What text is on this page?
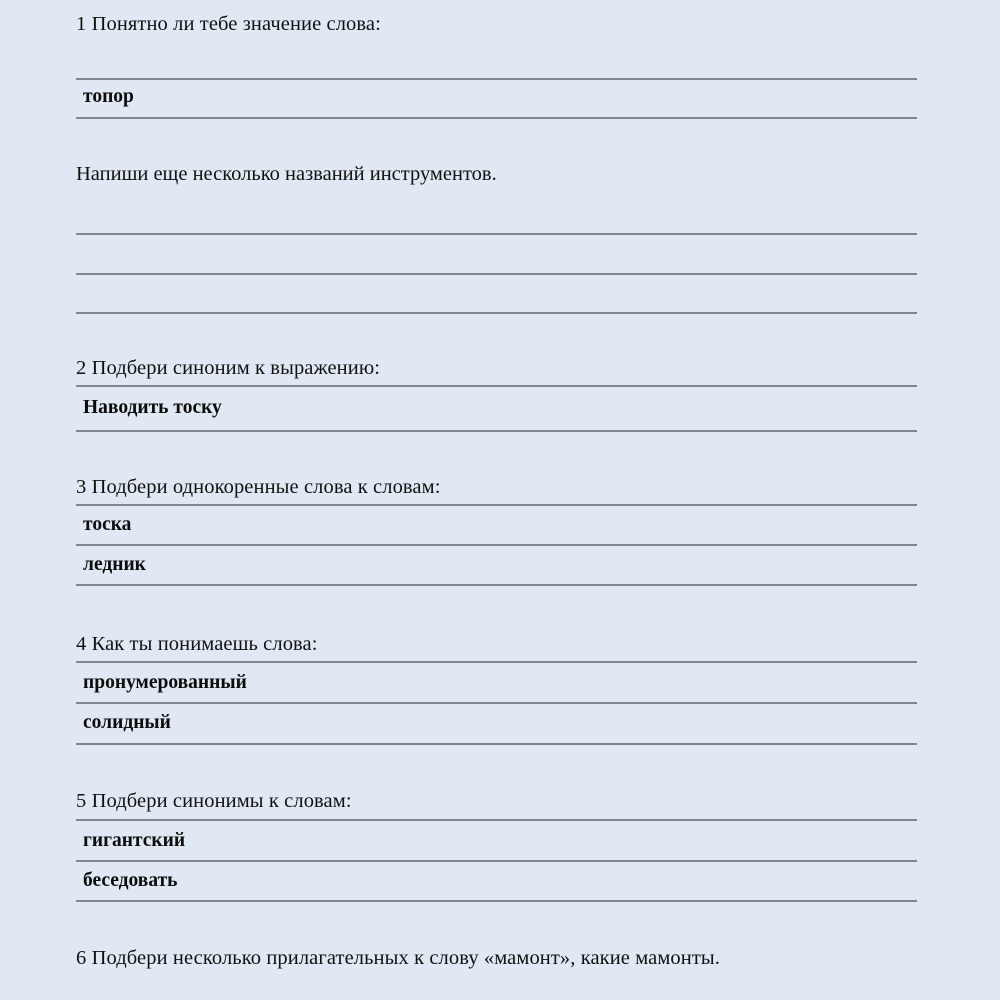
1 Понятно ли тебе значение слова:
топор
Напиши еще несколько названий инструментов.
2 Подбери синоним к выражению:
Наводить тоску
3 Подбери однокоренные слова к словам:
тоска
ледник
4 Как ты понимаешь слова:
пронумерованный
солидный
5 Подбери синонимы к словам:
гигантский
беседовать
6 Подбери несколько прилагательных к слову «мамонт», какие мамонты.
